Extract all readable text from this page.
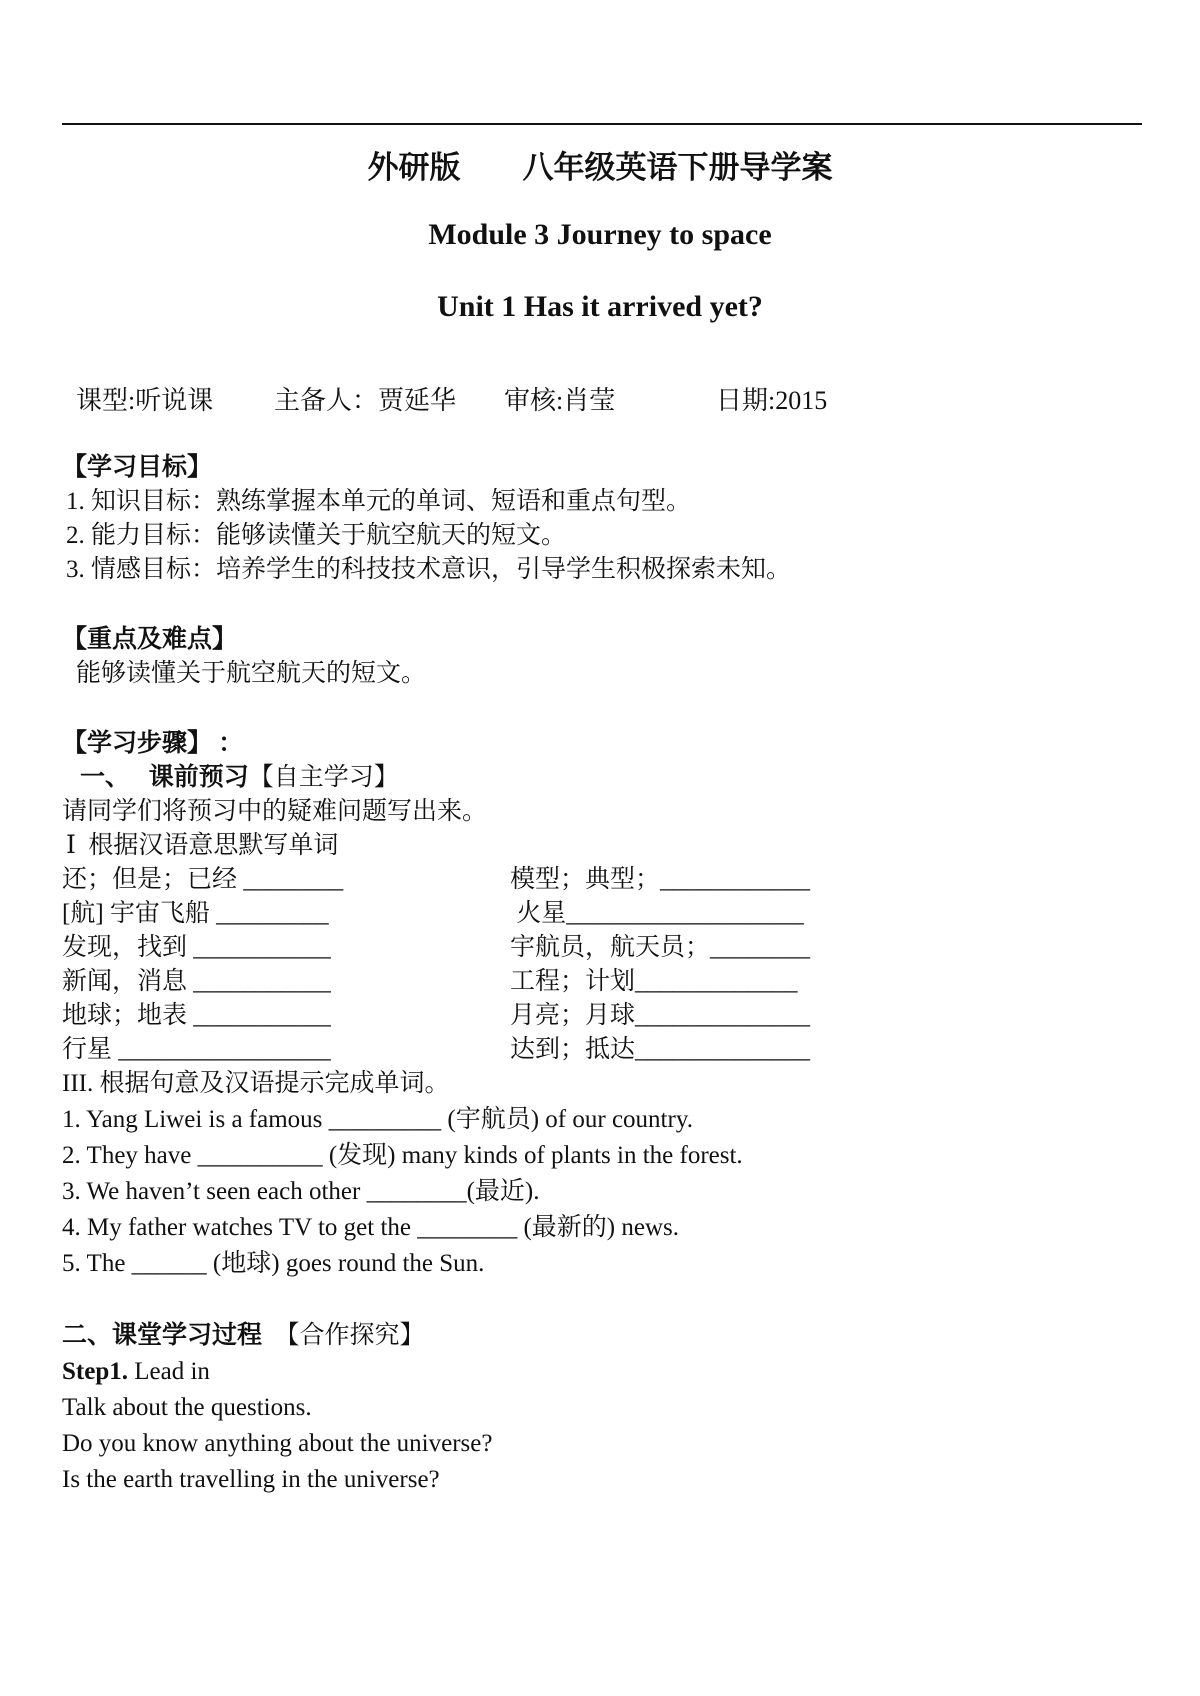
外研版 八年级英语下册导学案
Module 3 Journey to space
Unit 1 Has it arrived yet?
课型:听说课 主备人：贾延华 审核:肖莹	日期:2015
【学习目标】
1. 知识目标：熟练掌握本单元的单词、短语和重点句型。
2. 能力目标：能够读懂关于航空航天的短文。
3. 情感目标：培养学生的科技技术意识，引导学生积极探索未知。
【重点及难点】
能够读懂关于航空航天的短文。
【学习步骤】 ：
一、 课前预习【自主学习】
请同学们将预习中的疑难问题写出来。
Ⅰ  根据汉语意思默写单词
还；但是；已经 ________
[航] 宇宙飞船 _________
发现，找到 ___________
新闻，消息 ___________
地球；地表 ___________
行星 _________________
模型；典型；____________
火星___________________
宇航员，航天员；________
工程；计划_____________
月亮；月球______________
达到；抵达______________
III. 根据句意及汉语提示完成单词。
1. Yang Liwei is a famous _________ (宇航员) of our country.
2. They have __________ (发现) many kinds of plants in the forest.
3. We haven’t seen each other ________(最近).
4. My father watches TV to get the ________ (最新的) news.
5. The ______ (地球) goes round the Sun.
二、课堂学习过程 【合作探究】
Step1. Lead in
Talk about the questions.
Do you know anything about the universe?
Is the earth travelling in the universe?
